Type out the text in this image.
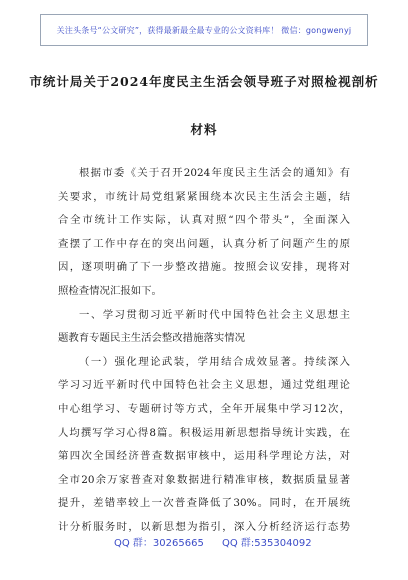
关注头条号“公文研究”，获得最新最全最专业的公文资料库！ 微信：gongwenyj
市统计局关于2024年度民主生活会领导班子对照检视剖析
材料
根据市委《关于召开2024年度民主生活会的通知》有
关要求，市统计局党组紧紧围绕本次民主生活会主题，结
合全市统计工作实际，认真对照“四个带头”，全面深入
查摆了工作中存在的突出问题，认真分析了问题产生的原
因，逐项明确了下一步整改措施。按照会议安排，现将对
照检查情况汇报如下。
一、学习贯彻习近平新时代中国特色社会主义思想主
题教育专题民主生活会整改措施落实情况
（一）强化理论武装，学用结合成效显著。持续深入
学习习近平新时代中国特色社会主义思想，通过党组理论
中心组学习、专题研讨等方式，全年开展集中学习12次，
人均撰写学习心得8篇。积极运用新思想指导统计实践，在
第四次全国经济普查数据审核中，运用科学理论方法，对
全市20余万家普查对象数据进行精准审核，数据质量显著
提升，差错率较上一次普查降低了30%。同时，在开展统
计分析服务时，以新思想为指引，深入分析经济运行态势
QQ 群：30265665 QQ 群:535304092
